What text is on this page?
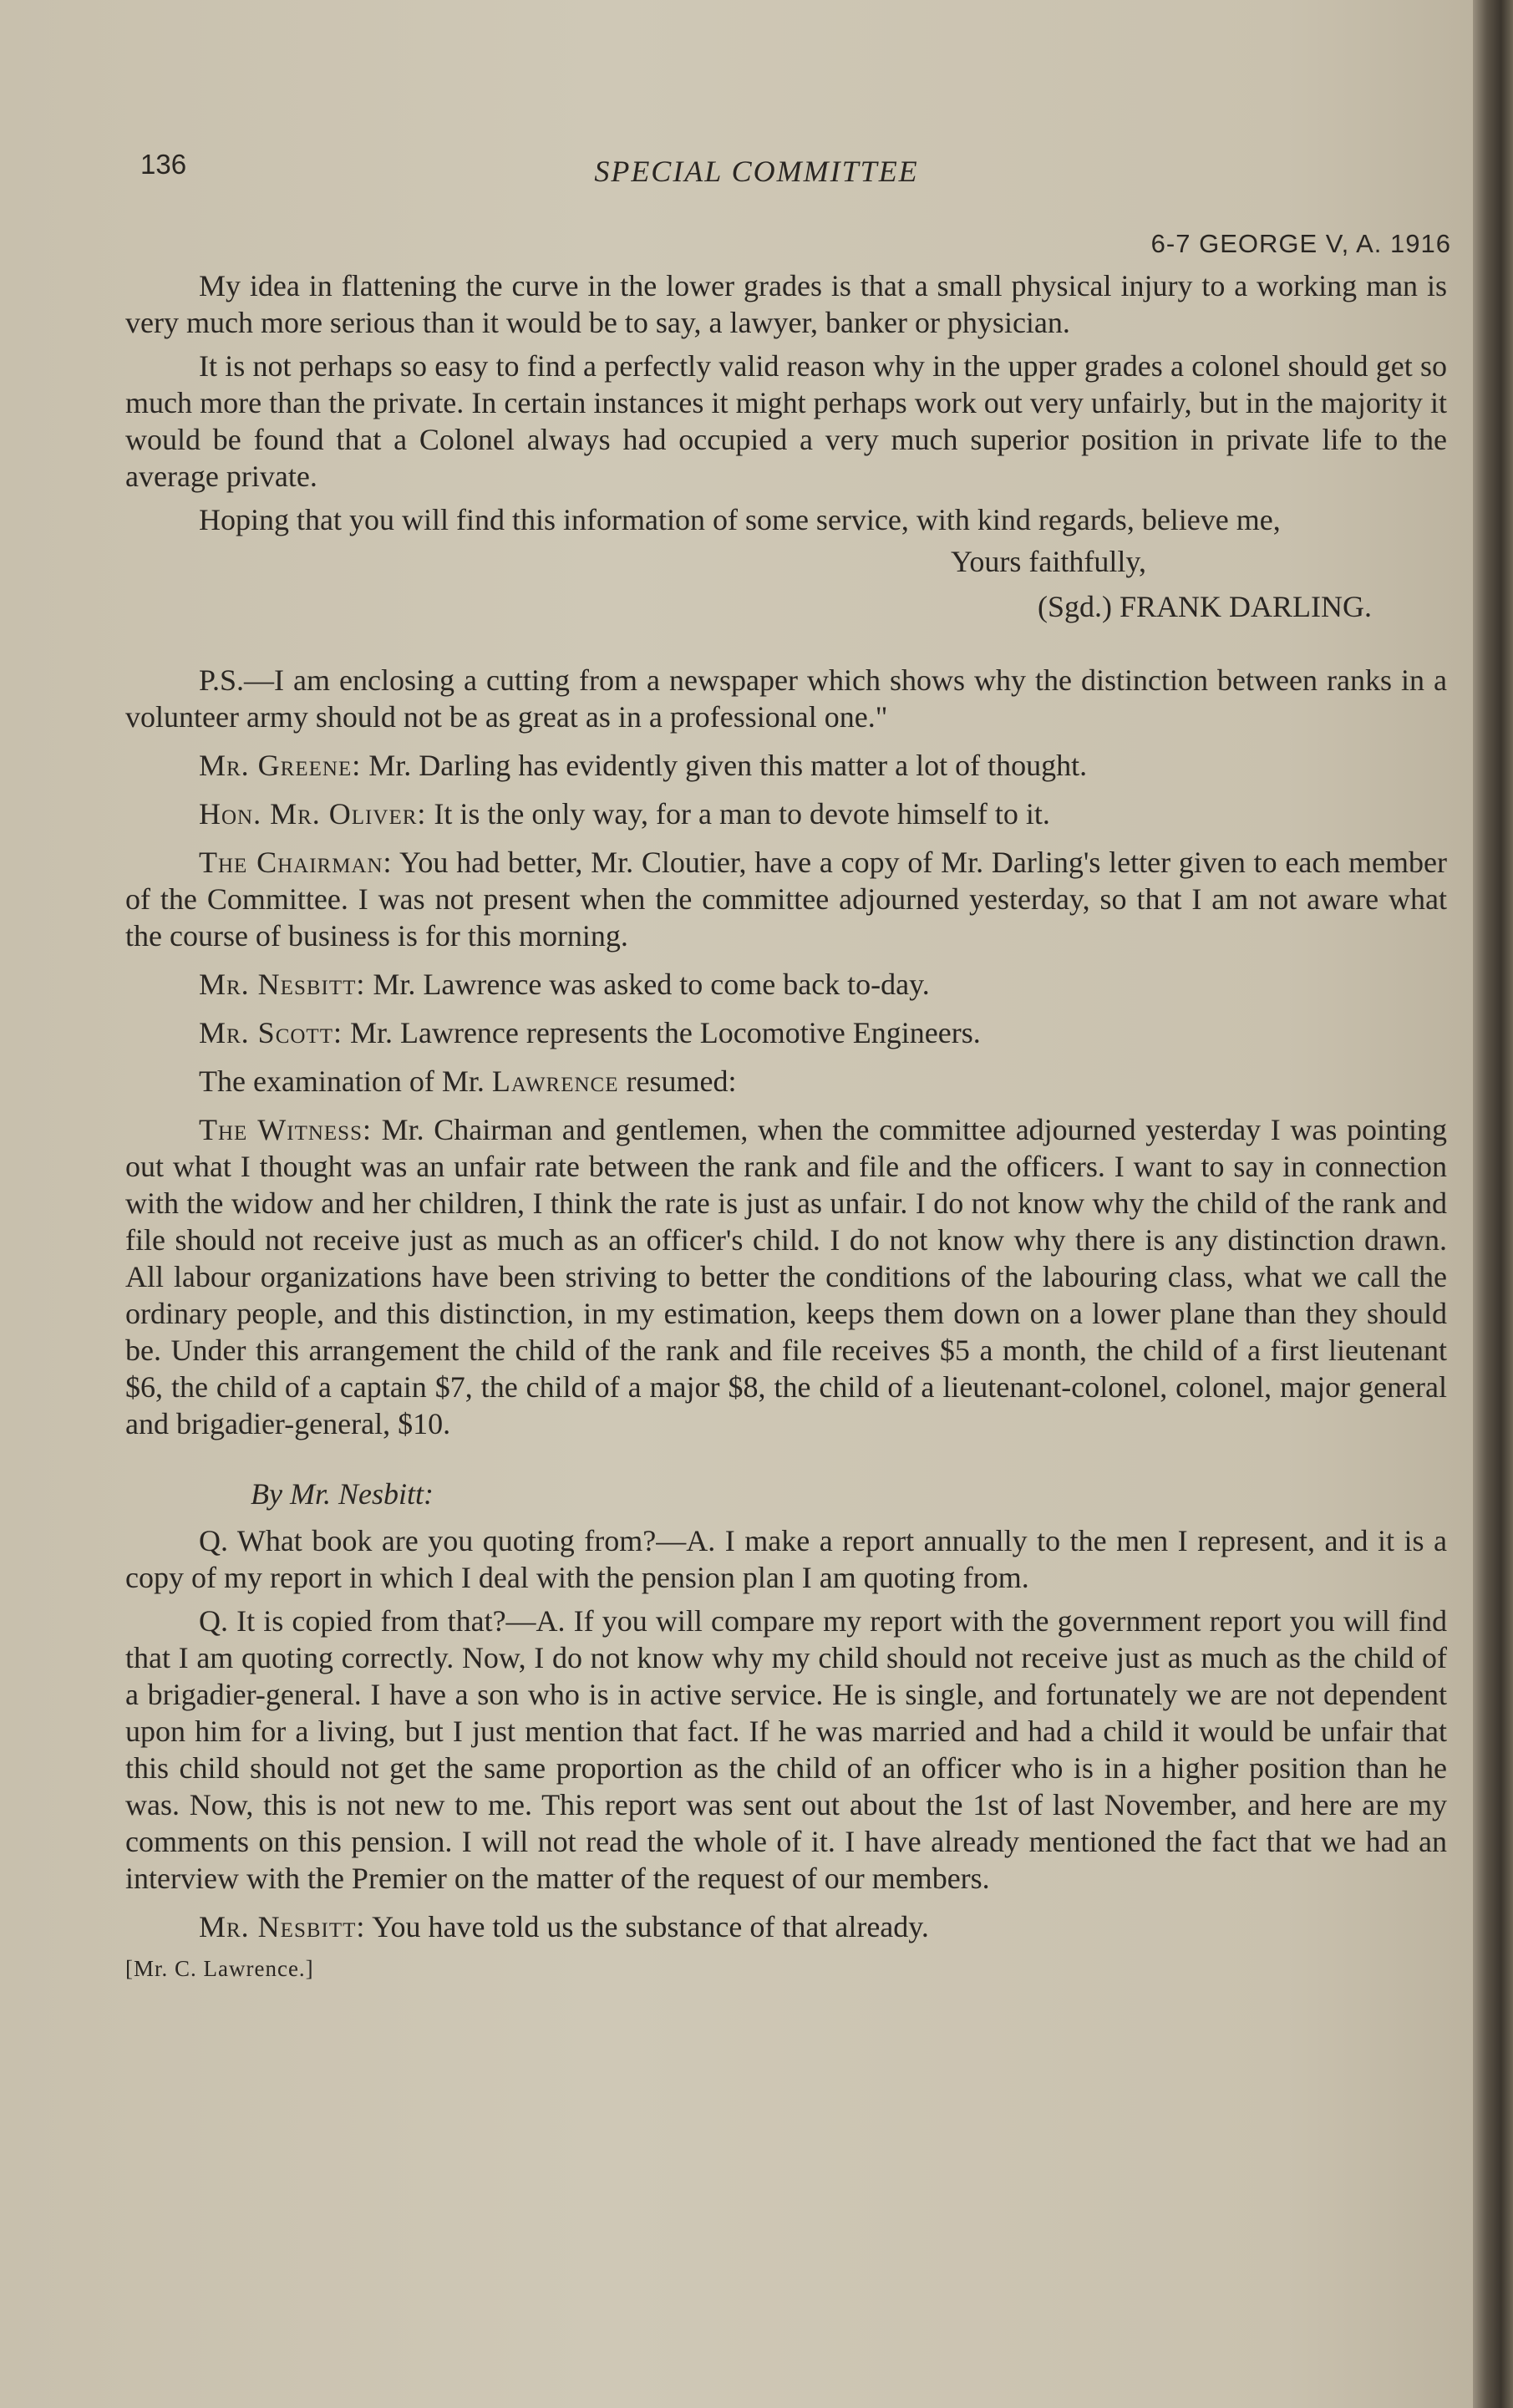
136	SPECIAL COMMITTEE
6-7 GEORGE V, A. 1916

My idea in flattening the curve in the lower grades is that a small physical injury to a working man is very much more serious than it would be to say, a lawyer, banker or physician.

It is not perhaps so easy to find a perfectly valid reason why in the upper grades a colonel should get so much more than the private. In certain instances it might perhaps work out very unfairly, but in the majority it would be found that a Colonel always had occupied a very much superior position in private life to the average private.

Hoping that you will find this information of some service, with kind regards, believe me,

Yours faithfully,

(Sgd.) FRANK DARLING.

P.S.—I am enclosing a cutting from a newspaper which shows why the distinction between ranks in a volunteer army should not be as great as in a professional one."

Mr. Greene: Mr. Darling has evidently given this matter a lot of thought.

Hon. Mr. Oliver: It is the only way, for a man to devote himself to it.

The Chairman: You had better, Mr. Cloutier, have a copy of Mr. Darling's letter given to each member of the Committee. I was not present when the committee adjourned yesterday, so that I am not aware what the course of business is for this morning.

Mr. Nesbitt: Mr. Lawrence was asked to come back to-day.

Mr. Scott: Mr. Lawrence represents the Locomotive Engineers.

The examination of Mr. Lawrence resumed:

The Witness: Mr. Chairman and gentlemen, when the committee adjourned yesterday I was pointing out what I thought was an unfair rate between the rank and file and the officers. I want to say in connection with the widow and her children, I think the rate is just as unfair. I do not know why the child of the rank and file should not receive just as much as an officer's child. I do not know why there is any distinction drawn. All labour organizations have been striving to better the conditions of the labouring class, what we call the ordinary people, and this distinction, in my estimation, keeps them down on a lower plane than they should be. Under this arrangement the child of the rank and file receives $5 a month, the child of a first lieutenant $6, the child of a captain $7, the child of a major $8, the child of a lieutenant-colonel, colonel, major general and brigadier-general, $10.

By Mr. Nesbitt:

Q. What book are you quoting from?—A. I make a report annually to the men I represent, and it is a copy of my report in which I deal with the pension plan I am quoting from.

Q. It is copied from that?—A. If you will compare my report with the government report you will find that I am quoting correctly. Now, I do not know why my child should not receive just as much as the child of a brigadier-general. I have a son who is in active service. He is single, and fortunately we are not dependent upon him for a living, but I just mention that fact. If he was married and had a child it would be unfair that this child should not get the same proportion as the child of an officer who is in a higher position than he was. Now, this is not new to me. This report was sent out about the 1st of last November, and here are my comments on this pension. I will not read the whole of it. I have already mentioned the fact that we had an interview with the Premier on the matter of the request of our members.

Mr. Nesbitt: You have told us the substance of that already.

[Mr. C. Lawrence.]
